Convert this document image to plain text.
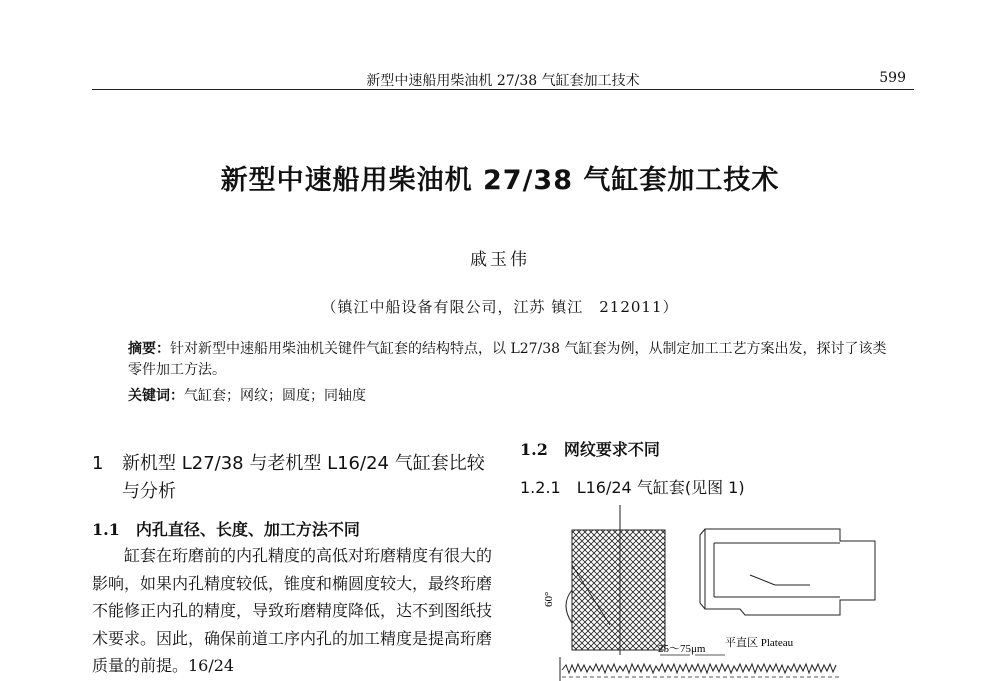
新型中速船用柴油机 27/38 气缸套加工技术	599
新型中速船用柴油机 27/38 气缸套加工技术
戚玉伟
（镇江中船设备有限公司，江苏 镇江　212011）
摘要：针对新型中速船用柴油机关键件气缸套的结构特点，以 L27/38 气缸套为例，从制定加工工艺方案出发，探讨了该类零件加工方法。
关键词：气缸套；网纹；圆度；同轴度
1 新机型 L27/38 与老机型 L16/24 气缸套比较与分析
1.1　内孔直径、长度、加工方法不同
缸套在珩磨前的内孔精度的高低对珩磨精度有很大的影响，如果内孔精度较低，锥度和椭圆度较大，最终珩磨不能修正内孔的精度，导致珩磨精度降低，达不到图纸技术要求。因此，确保前道工序内孔的加工精度是提高珩磨质量的前提。16/24
1.2　网纹要求不同
1.2.1　L16/24 气缸套(见图 1)
60°
25～75μm 平直区 Plateau
